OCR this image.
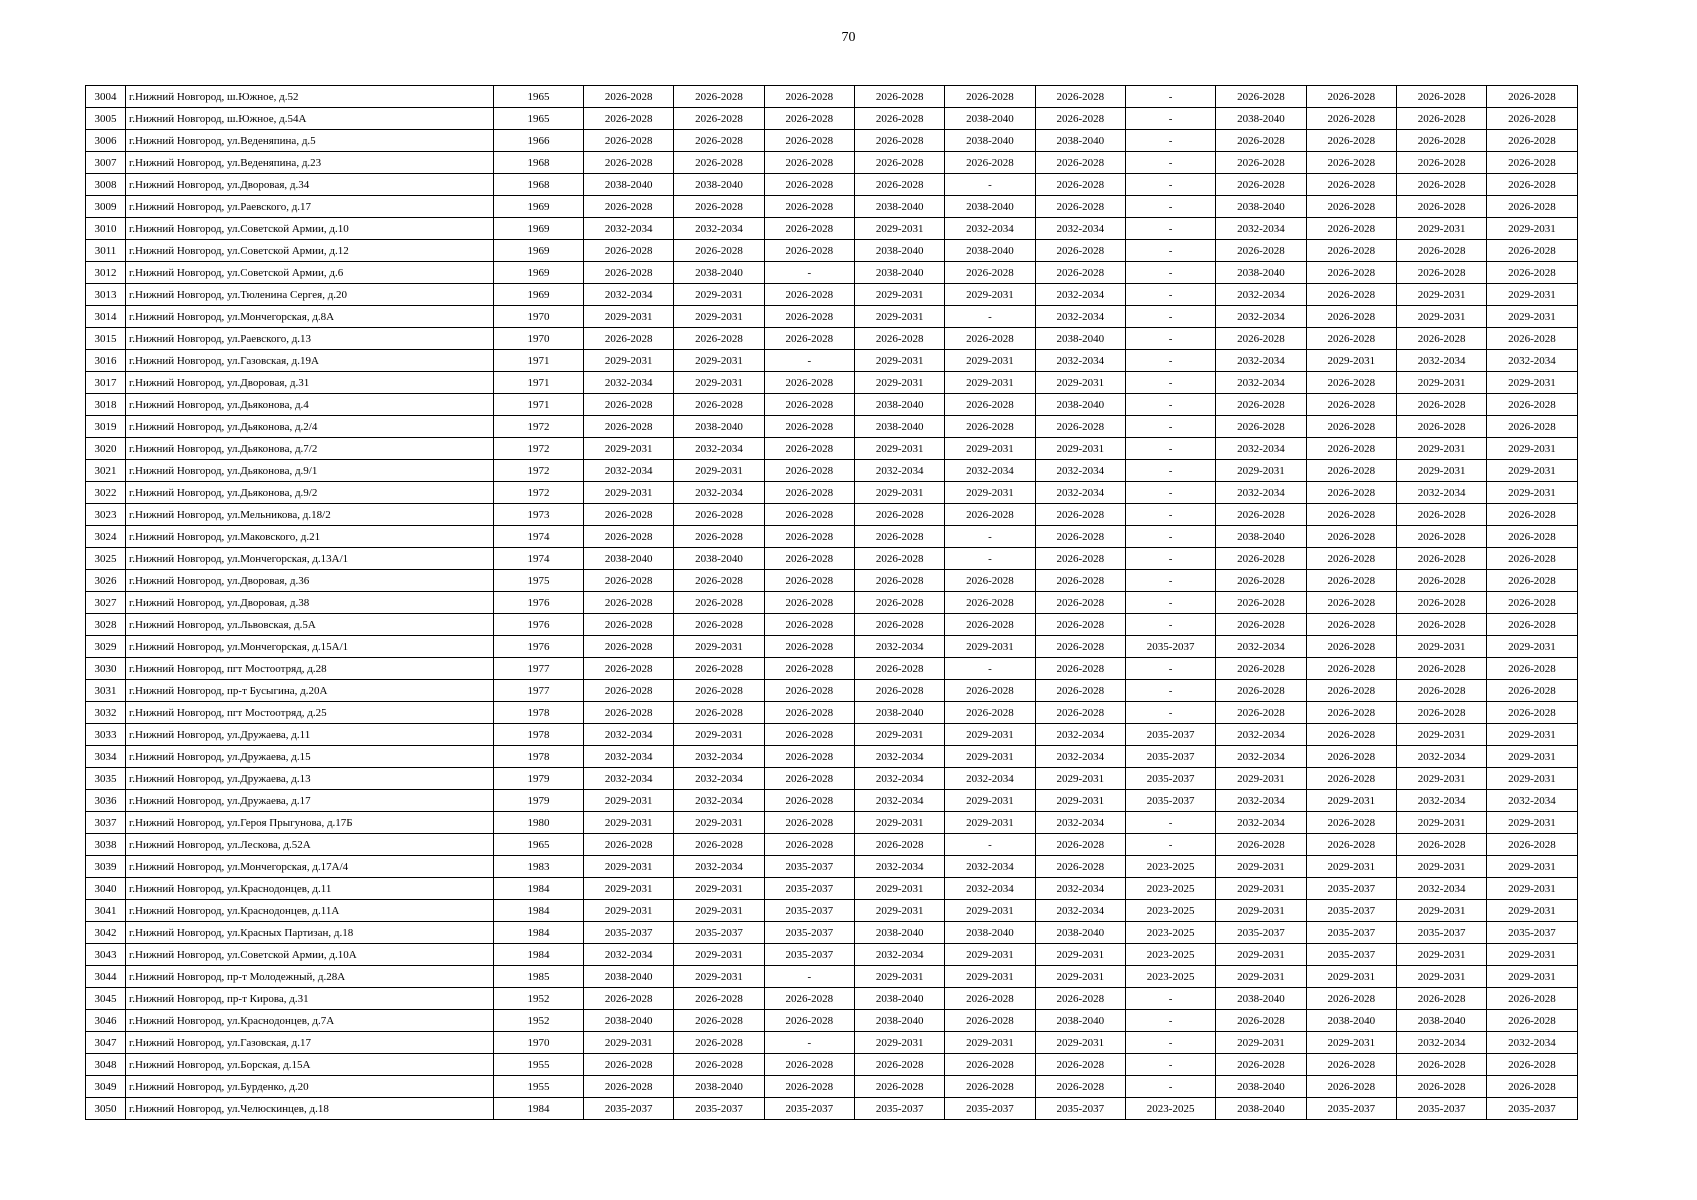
70
3004	г.Нижний Новгород, ш.Южное, д.52	1965	2026-2028	2026-2028	2026-2028	2026-2028	2026-2028	2026-2028	-	2026-2028	2026-2028	2026-2028	2026-2028
3005	г.Нижний Новгород, ш.Южное, д.54А	1965	2026-2028	2026-2028	2026-2028	2026-2028	2038-2040	2026-2028	-	2038-2040	2026-2028	2026-2028	2026-2028
3006	г.Нижний Новгород, ул.Веденяпина, д.5	1966	2026-2028	2026-2028	2026-2028	2026-2028	2038-2040	2038-2040	-	2026-2028	2026-2028	2026-2028	2026-2028
3007	г.Нижний Новгород, ул.Веденяпина, д.23	1968	2026-2028	2026-2028	2026-2028	2026-2028	2026-2028	2026-2028	-	2026-2028	2026-2028	2026-2028	2026-2028
3008	г.Нижний Новгород, ул.Дворовая, д.34	1968	2038-2040	2038-2040	2026-2028	2026-2028	-	2026-2028	-	2026-2028	2026-2028	2026-2028	2026-2028
3009	г.Нижний Новгород, ул.Раевского, д.17	1969	2026-2028	2026-2028	2026-2028	2038-2040	2038-2040	2026-2028	-	2038-2040	2026-2028	2026-2028	2026-2028
3010	г.Нижний Новгород, ул.Советской Армии, д.10	1969	2032-2034	2032-2034	2026-2028	2029-2031	2032-2034	2032-2034	-	2032-2034	2026-2028	2029-2031	2029-2031
3011	г.Нижний Новгород, ул.Советской Армии, д.12	1969	2026-2028	2026-2028	2026-2028	2038-2040	2038-2040	2026-2028	-	2026-2028	2026-2028	2026-2028	2026-2028
3012	г.Нижний Новгород, ул.Советской Армии, д.6	1969	2026-2028	2038-2040	-	2038-2040	2026-2028	2026-2028	-	2038-2040	2026-2028	2026-2028	2026-2028
3013	г.Нижний Новгород, ул.Тюленина Сергея, д.20	1969	2032-2034	2029-2031	2026-2028	2029-2031	2029-2031	2032-2034	-	2032-2034	2026-2028	2029-2031	2029-2031
3014	г.Нижний Новгород, ул.Мончегорская, д.8А	1970	2029-2031	2029-2031	2026-2028	2029-2031	-	2032-2034	-	2032-2034	2026-2028	2029-2031	2029-2031
3015	г.Нижний Новгород, ул.Раевского, д.13	1970	2026-2028	2026-2028	2026-2028	2026-2028	2026-2028	2038-2040	-	2026-2028	2026-2028	2026-2028	2026-2028
3016	г.Нижний Новгород, ул.Газовская, д.19А	1971	2029-2031	2029-2031	-	2029-2031	2029-2031	2032-2034	-	2032-2034	2029-2031	2032-2034	2032-2034
3017	г.Нижний Новгород, ул.Дворовая, д.31	1971	2032-2034	2029-2031	2026-2028	2029-2031	2029-2031	2029-2031	-	2032-2034	2026-2028	2029-2031	2029-2031
3018	г.Нижний Новгород, ул.Дьяконова, д.4	1971	2026-2028	2026-2028	2026-2028	2038-2040	2026-2028	2038-2040	-	2026-2028	2026-2028	2026-2028	2026-2028
3019	г.Нижний Новгород, ул.Дьяконова, д.2/4	1972	2026-2028	2038-2040	2026-2028	2038-2040	2026-2028	2026-2028	-	2026-2028	2026-2028	2026-2028	2026-2028
3020	г.Нижний Новгород, ул.Дьяконова, д.7/2	1972	2029-2031	2032-2034	2026-2028	2029-2031	2029-2031	2029-2031	-	2032-2034	2026-2028	2029-2031	2029-2031
3021	г.Нижний Новгород, ул.Дьяконова, д.9/1	1972	2032-2034	2029-2031	2026-2028	2032-2034	2032-2034	2032-2034	-	2029-2031	2026-2028	2029-2031	2029-2031
3022	г.Нижний Новгород, ул.Дьяконова, д.9/2	1972	2029-2031	2032-2034	2026-2028	2029-2031	2029-2031	2032-2034	-	2032-2034	2026-2028	2032-2034	2029-2031
3023	г.Нижний Новгород, ул.Мельникова, д.18/2	1973	2026-2028	2026-2028	2026-2028	2026-2028	2026-2028	2026-2028	-	2026-2028	2026-2028	2026-2028	2026-2028
3024	г.Нижний Новгород, ул.Маковского, д.21	1974	2026-2028	2026-2028	2026-2028	2026-2028	-	2026-2028	-	2038-2040	2026-2028	2026-2028	2026-2028
3025	г.Нижний Новгород, ул.Мончегорская, д.13А/1	1974	2038-2040	2038-2040	2026-2028	2026-2028	-	2026-2028	-	2026-2028	2026-2028	2026-2028	2026-2028
3026	г.Нижний Новгород, ул.Дворовая, д.36	1975	2026-2028	2026-2028	2026-2028	2026-2028	2026-2028	2026-2028	-	2026-2028	2026-2028	2026-2028	2026-2028
3027	г.Нижний Новгород, ул.Дворовая, д.38	1976	2026-2028	2026-2028	2026-2028	2026-2028	2026-2028	2026-2028	-	2026-2028	2026-2028	2026-2028	2026-2028
3028	г.Нижний Новгород, ул.Львовская, д.5А	1976	2026-2028	2026-2028	2026-2028	2026-2028	2026-2028	2026-2028	-	2026-2028	2026-2028	2026-2028	2026-2028
3029	г.Нижний Новгород, ул.Мончегорская, д.15А/1	1976	2026-2028	2029-2031	2026-2028	2032-2034	2029-2031	2026-2028	2035-2037	2032-2034	2026-2028	2029-2031	2029-2031
3030	г.Нижний Новгород, пгт Мостоотряд, д.28	1977	2026-2028	2026-2028	2026-2028	2026-2028	-	2026-2028	-	2026-2028	2026-2028	2026-2028	2026-2028
3031	г.Нижний Новгород, пр-т Бусыгина, д.20А	1977	2026-2028	2026-2028	2026-2028	2026-2028	2026-2028	2026-2028	-	2026-2028	2026-2028	2026-2028	2026-2028
3032	г.Нижний Новгород, пгт Мостоотряд, д.25	1978	2026-2028	2026-2028	2026-2028	2038-2040	2026-2028	2026-2028	-	2026-2028	2026-2028	2026-2028	2026-2028
3033	г.Нижний Новгород, ул.Дружаева, д.11	1978	2032-2034	2029-2031	2026-2028	2029-2031	2029-2031	2032-2034	2035-2037	2032-2034	2026-2028	2029-2031	2029-2031
3034	г.Нижний Новгород, ул.Дружаева, д.15	1978	2032-2034	2032-2034	2026-2028	2032-2034	2029-2031	2032-2034	2035-2037	2032-2034	2026-2028	2032-2034	2029-2031
3035	г.Нижний Новгород, ул.Дружаева, д.13	1979	2032-2034	2032-2034	2026-2028	2032-2034	2032-2034	2029-2031	2035-2037	2029-2031	2026-2028	2029-2031	2029-2031
3036	г.Нижний Новгород, ул.Дружаева, д.17	1979	2029-2031	2032-2034	2026-2028	2032-2034	2029-2031	2029-2031	2035-2037	2032-2034	2029-2031	2032-2034	2032-2034
3037	г.Нижний Новгород, ул.Героя Прыгунова, д.17Б	1980	2029-2031	2029-2031	2026-2028	2029-2031	2029-2031	2032-2034	-	2032-2034	2026-2028	2029-2031	2029-2031
3038	г.Нижний Новгород, ул.Лескова, д.52А	1965	2026-2028	2026-2028	2026-2028	2026-2028	-	2026-2028	-	2026-2028	2026-2028	2026-2028	2026-2028
3039	г.Нижний Новгород, ул.Мончегорская, д.17А/4	1983	2029-2031	2032-2034	2035-2037	2032-2034	2032-2034	2026-2028	2023-2025	2029-2031	2029-2031	2029-2031	2029-2031
3040	г.Нижний Новгород, ул.Краснодонцев, д.11	1984	2029-2031	2029-2031	2035-2037	2029-2031	2032-2034	2032-2034	2023-2025	2029-2031	2035-2037	2032-2034	2029-2031
3041	г.Нижний Новгород, ул.Краснодонцев, д.11А	1984	2029-2031	2029-2031	2035-2037	2029-2031	2029-2031	2032-2034	2023-2025	2029-2031	2035-2037	2029-2031	2029-2031
3042	г.Нижний Новгород, ул.Красных Партизан, д.18	1984	2035-2037	2035-2037	2035-2037	2038-2040	2038-2040	2038-2040	2023-2025	2035-2037	2035-2037	2035-2037	2035-2037
3043	г.Нижний Новгород, ул.Советской Армии, д.10А	1984	2032-2034	2029-2031	2035-2037	2032-2034	2029-2031	2029-2031	2023-2025	2029-2031	2035-2037	2029-2031	2029-2031
3044	г.Нижний Новгород, пр-т Молодежный, д.28А	1985	2038-2040	2029-2031	-	2029-2031	2029-2031	2029-2031	2023-2025	2029-2031	2029-2031	2029-2031	2029-2031
3045	г.Нижний Новгород, пр-т Кирова, д.31	1952	2026-2028	2026-2028	2026-2028	2038-2040	2026-2028	2026-2028	-	2038-2040	2026-2028	2026-2028	2026-2028
3046	г.Нижний Новгород, ул.Краснодонцев, д.7А	1952	2038-2040	2026-2028	2026-2028	2038-2040	2026-2028	2038-2040	-	2026-2028	2038-2040	2038-2040	2026-2028
3047	г.Нижний Новгород, ул.Газовская, д.17	1970	2029-2031	2026-2028	-	2029-2031	2029-2031	2029-2031	-	2029-2031	2029-2031	2032-2034	2032-2034
3048	г.Нижний Новгород, ул.Борская, д.15А	1955	2026-2028	2026-2028	2026-2028	2026-2028	2026-2028	2026-2028	-	2026-2028	2026-2028	2026-2028	2026-2028
3049	г.Нижний Новгород, ул.Бурденко, д.20	1955	2026-2028	2038-2040	2026-2028	2026-2028	2026-2028	2026-2028	-	2038-2040	2026-2028	2026-2028	2026-2028
3050	г.Нижний Новгород, ул.Челюскинцев, д.18	1984	2035-2037	2035-2037	2035-2037	2035-2037	2035-2037	2035-2037	2023-2025	2038-2040	2035-2037	2035-2037	2035-2037
